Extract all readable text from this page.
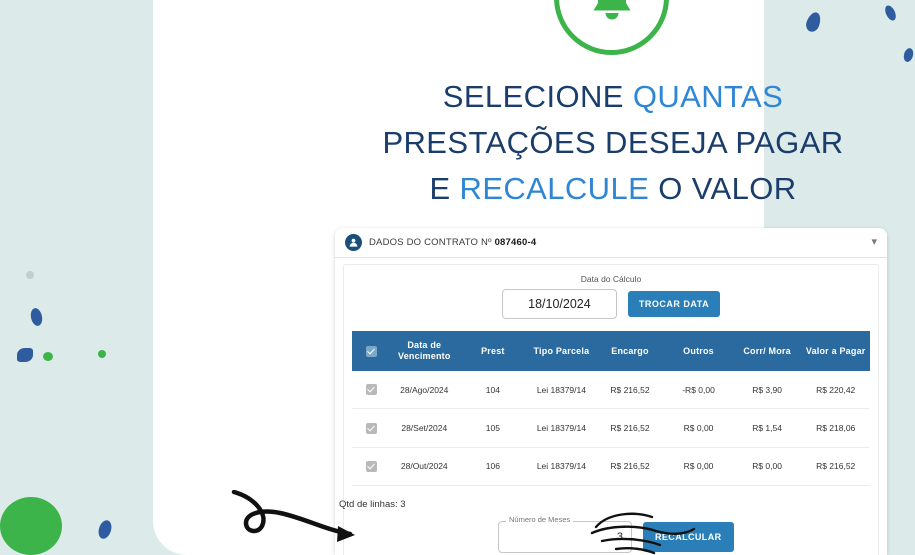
SELECIONE QUANTAS
PRESTAÇÕES DESEJA PAGAR
E RECALCULE O VALOR
DADOS DO CONTRATO Nº 087460-4	▾
Data do Cálculo
18/10/2024
TROCAR DATA
	Data de Vencimento	Prest	Tipo Parcela	Encargo	Outros	Corr/ Mora	Valor a Pagar
	28/Ago/2024	104	Lei 18379/14	R$ 216,52	-R$ 0,00	R$ 3,90	R$ 220,42
	28/Set/2024	105	Lei 18379/14	R$ 216,52	R$ 0,00	R$ 1,54	R$ 218,06
	28/Out/2024	106	Lei 18379/14	R$ 216,52	R$ 0,00	R$ 0,00	R$ 216,52
Qtd de linhas: 3
Número de Meses
3
RECALCULAR
